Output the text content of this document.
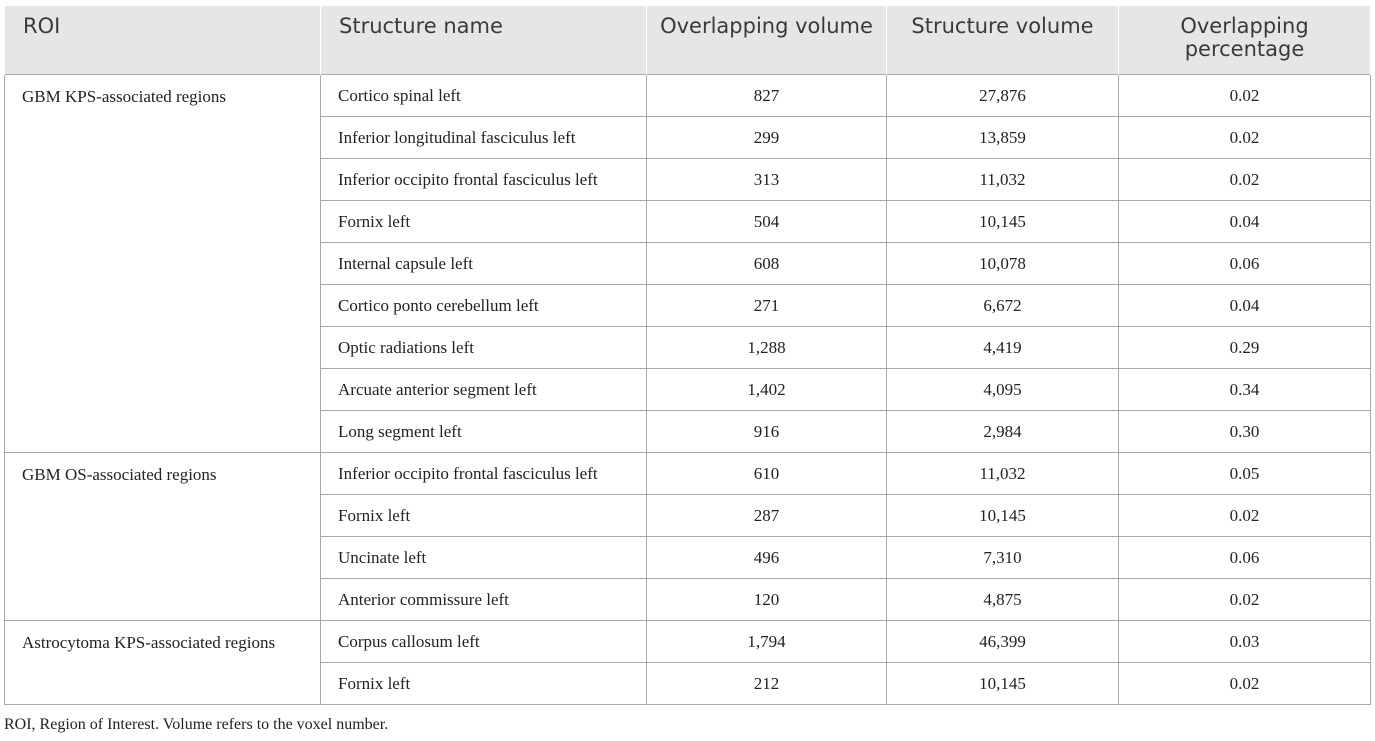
ROI	Structure name	Overlapping volume	Structure volume	Overlapping percentage

GBM KPS-associated regions	Cortico spinal left	827	27,876	0.02
	Inferior longitudinal fasciculus left	299	13,859	0.02
	Inferior occipito frontal fasciculus left	313	11,032	0.02
	Fornix left	504	10,145	0.04
	Internal capsule left	608	10,078	0.06
	Cortico ponto cerebellum left	271	6,672	0.04
	Optic radiations left	1,288	4,419	0.29
	Arcuate anterior segment left	1,402	4,095	0.34
	Long segment left	916	2,984	0.30
GBM OS-associated regions	Inferior occipito frontal fasciculus left	610	11,032	0.05
	Fornix left	287	10,145	0.02
	Uncinate left	496	7,310	0.06
	Anterior commissure left	120	4,875	0.02
Astrocytoma KPS-associated regions	Corpus callosum left	1,794	46,399	0.03
	Fornix left	212	10,145	0.02
ROI, Region of Interest. Volume refers to the voxel number.
